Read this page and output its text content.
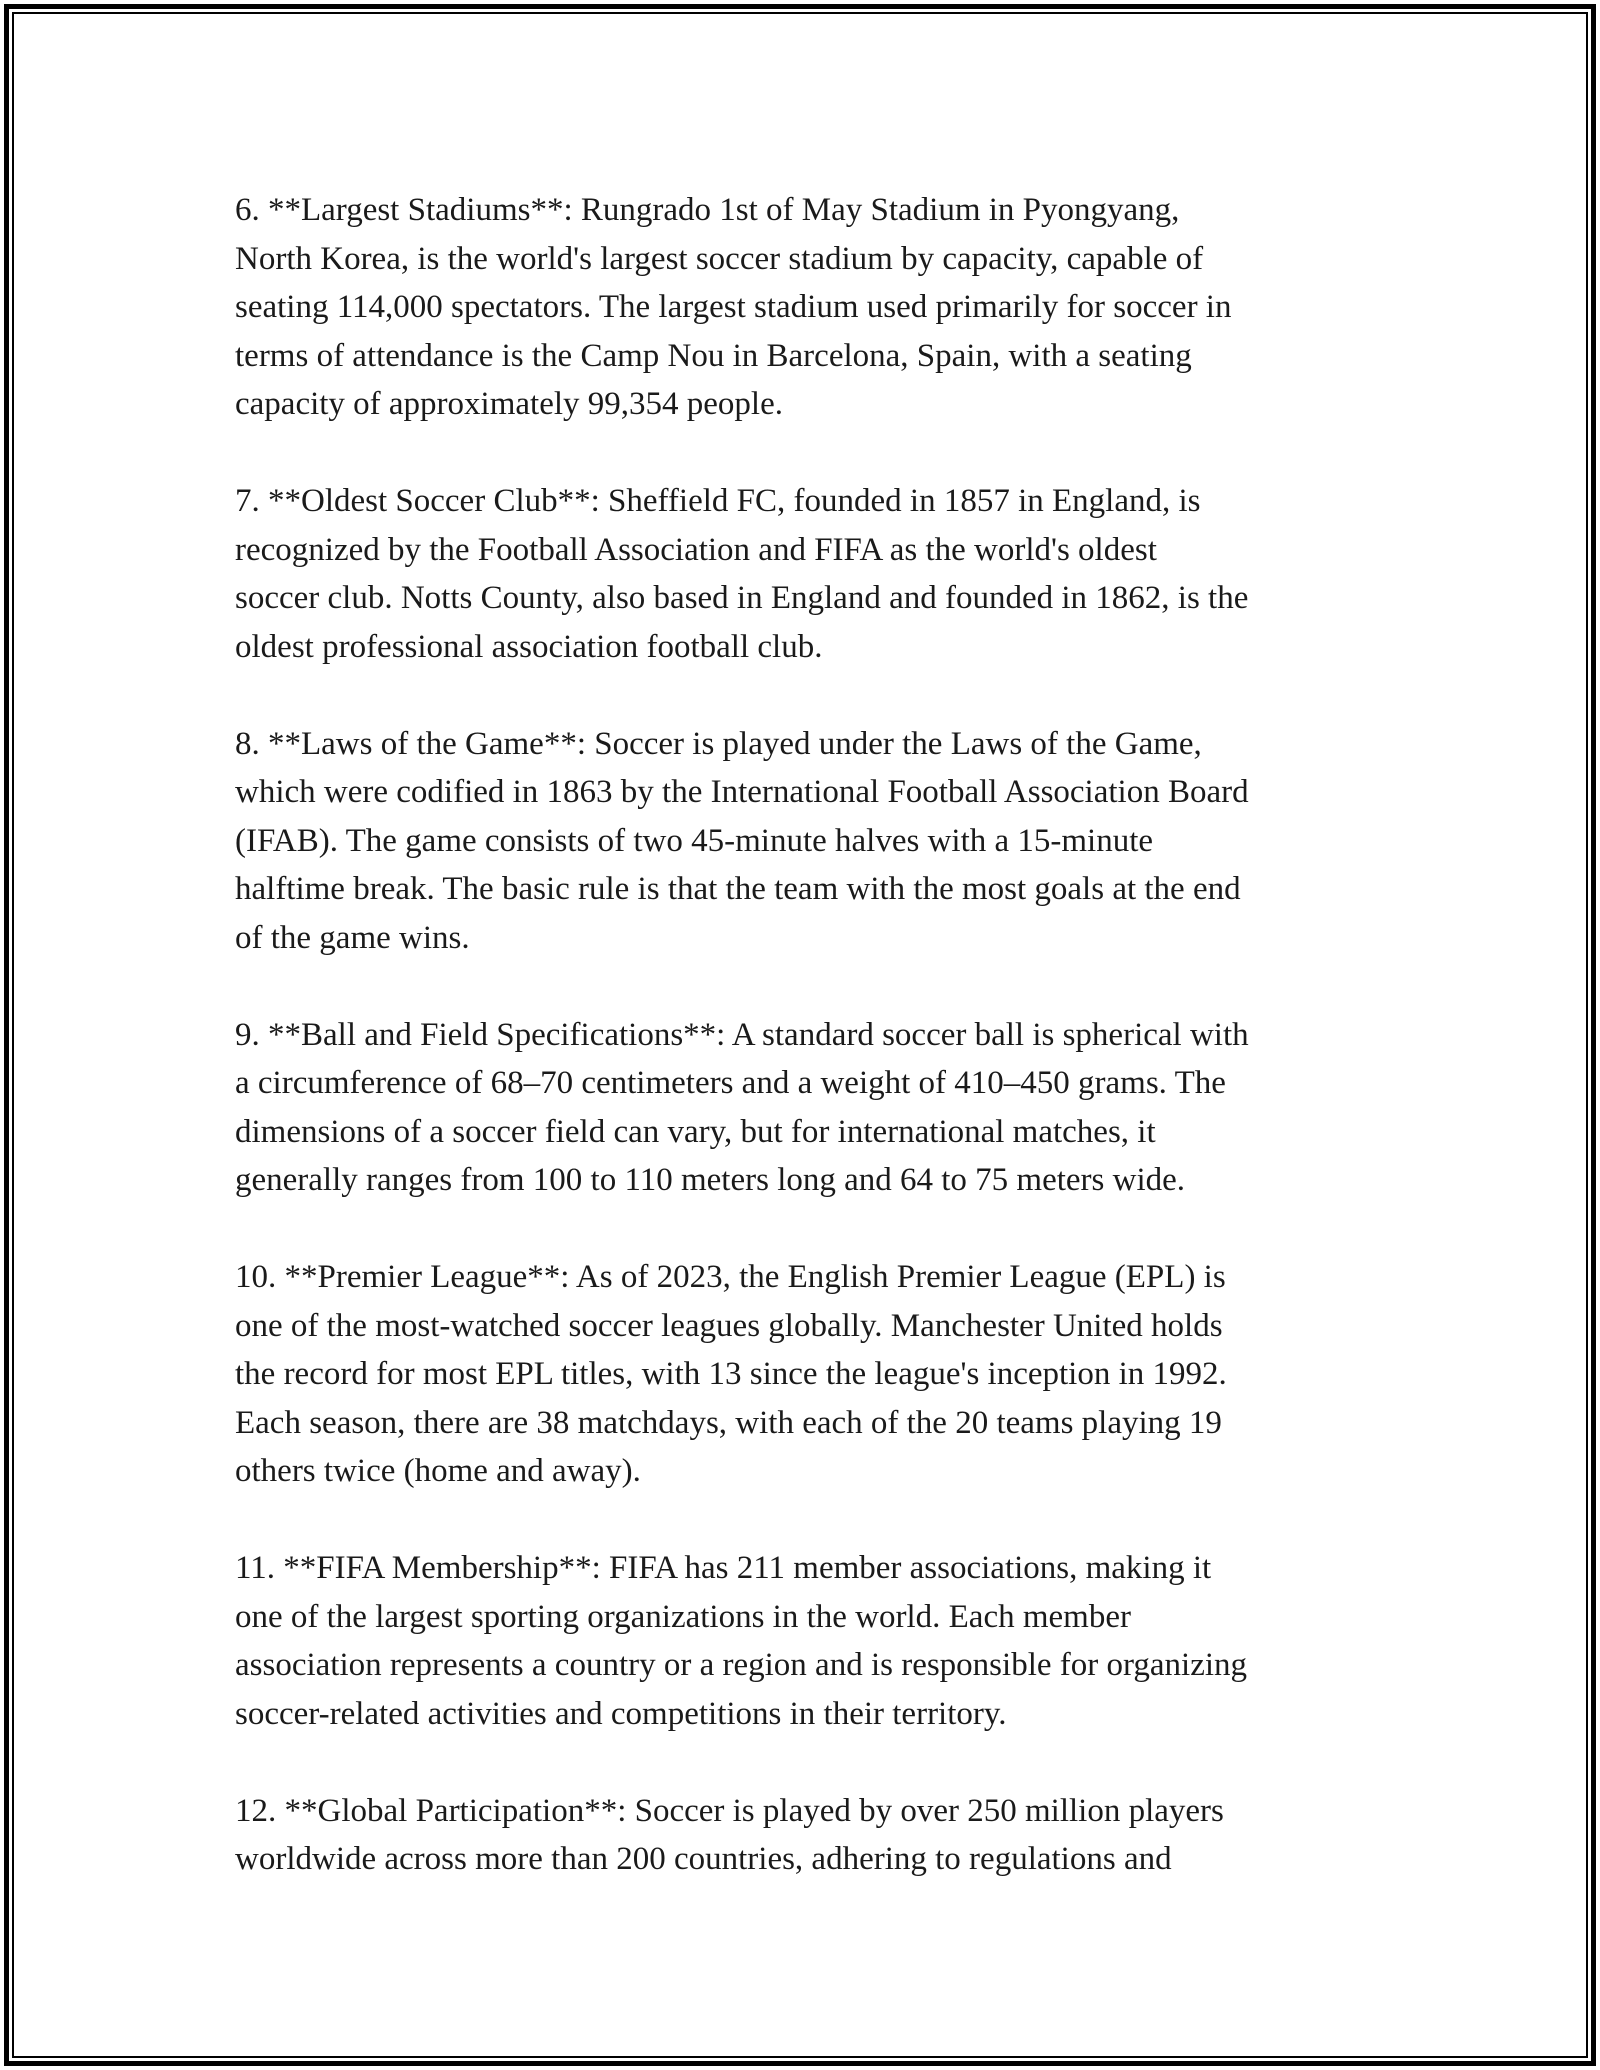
6. **Largest Stadiums**: Rungrado 1st of May Stadium in Pyongyang,
North Korea, is the world's largest soccer stadium by capacity, capable of
seating 114,000 spectators. The largest stadium used primarily for soccer in
terms of attendance is the Camp Nou in Barcelona, Spain, with a seating
capacity of approximately 99,354 people.

7. **Oldest Soccer Club**: Sheffield FC, founded in 1857 in England, is
recognized by the Football Association and FIFA as the world's oldest
soccer club. Notts County, also based in England and founded in 1862, is the
oldest professional association football club.

8. **Laws of the Game**: Soccer is played under the Laws of the Game,
which were codified in 1863 by the International Football Association Board
(IFAB). The game consists of two 45-minute halves with a 15-minute
halftime break. The basic rule is that the team with the most goals at the end
of the game wins.

9. **Ball and Field Specifications**: A standard soccer ball is spherical with
a circumference of 68–70 centimeters and a weight of 410–450 grams. The
dimensions of a soccer field can vary, but for international matches, it
generally ranges from 100 to 110 meters long and 64 to 75 meters wide.

10. **Premier League**: As of 2023, the English Premier League (EPL) is
one of the most-watched soccer leagues globally. Manchester United holds
the record for most EPL titles, with 13 since the league's inception in 1992.
Each season, there are 38 matchdays, with each of the 20 teams playing 19
others twice (home and away).

11. **FIFA Membership**: FIFA has 211 member associations, making it
one of the largest sporting organizations in the world. Each member
association represents a country or a region and is responsible for organizing
soccer-related activities and competitions in their territory.

12. **Global Participation**: Soccer is played by over 250 million players
worldwide across more than 200 countries, adhering to regulations and
